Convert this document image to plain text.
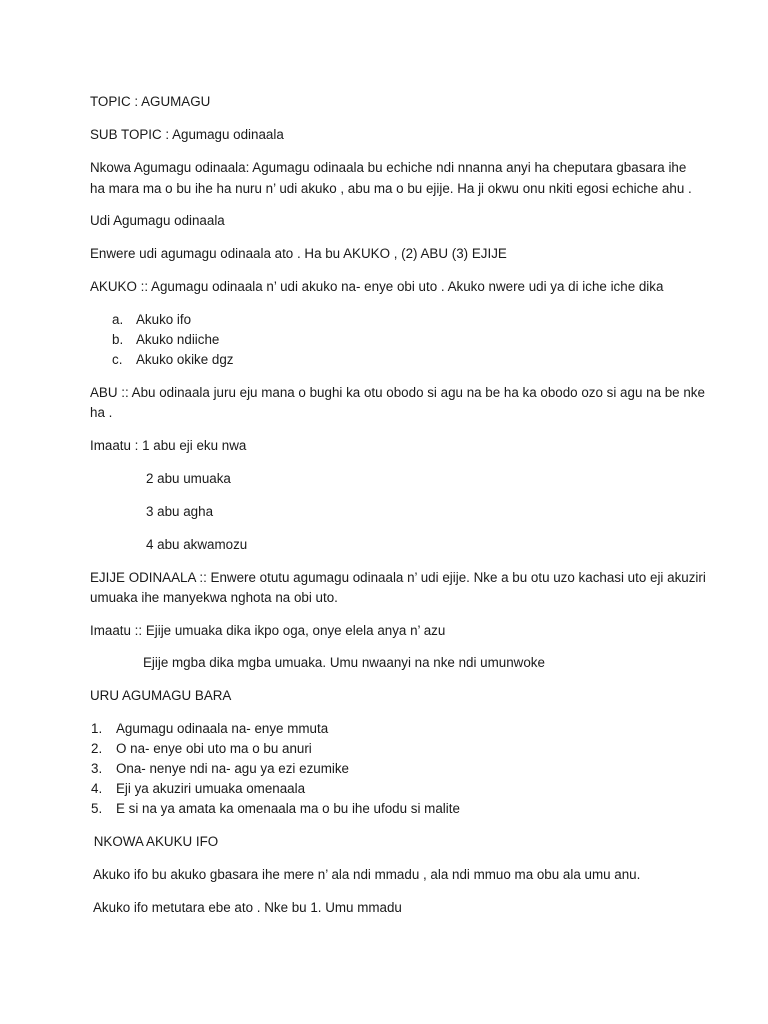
TOPIC : AGUMAGU
SUB TOPIC : Agumagu odinaala
Nkowa Agumagu odinaala: Agumagu odinaala bu echiche ndi nnanna anyi ha cheputara gbasara ihe
ha mara ma o bu ihe ha nuru n’ udi akuko , abu ma o bu ejije. Ha ji okwu onu nkiti egosi echiche ahu .
Udi Agumagu odinaala
Enwere udi agumagu odinaala ato . Ha bu AKUKO , (2) ABU (3) EJIJE
AKUKO :: Agumagu odinaala n’ udi akuko na- enye obi uto . Akuko nwere udi ya di iche iche dika
a. Akuko ifo
b. Akuko ndiiche
c. Akuko okike dgz
ABU :: Abu odinaala juru eju mana o bughi ka otu obodo si agu na be ha ka obodo ozo si agu na be nke
ha .
Imaatu : 1 abu eji eku nwa
2 abu umuaka
3 abu agha
4 abu akwamozu
EJIJE ODINAALA :: Enwere otutu agumagu odinaala n’ udi ejije. Nke a bu otu uzo kachasi uto eji akuziri
umuaka ihe manyekwa nghota na obi uto.
Imaatu :: Ejije umuaka dika ikpo oga, onye elela anya n’ azu
Ejije mgba dika mgba umuaka. Umu nwaanyi na nke ndi umunwoke
URU AGUMAGU BARA
1. Agumagu odinaala na- enye mmuta
2. O na- enye obi uto ma o bu anuri
3. Ona- nenye ndi na- agu ya ezi ezumike
4. Eji ya akuziri umuaka omenaala
5. E si na ya amata ka omenaala ma o bu ihe ufodu si malite
NKOWA AKUKU IFO
Akuko ifo bu akuko gbasara ihe mere n’ ala ndi mmadu , ala ndi mmuo ma obu ala umu anu.
Akuko ifo metutara ebe ato . Nke bu 1. Umu mmadu
